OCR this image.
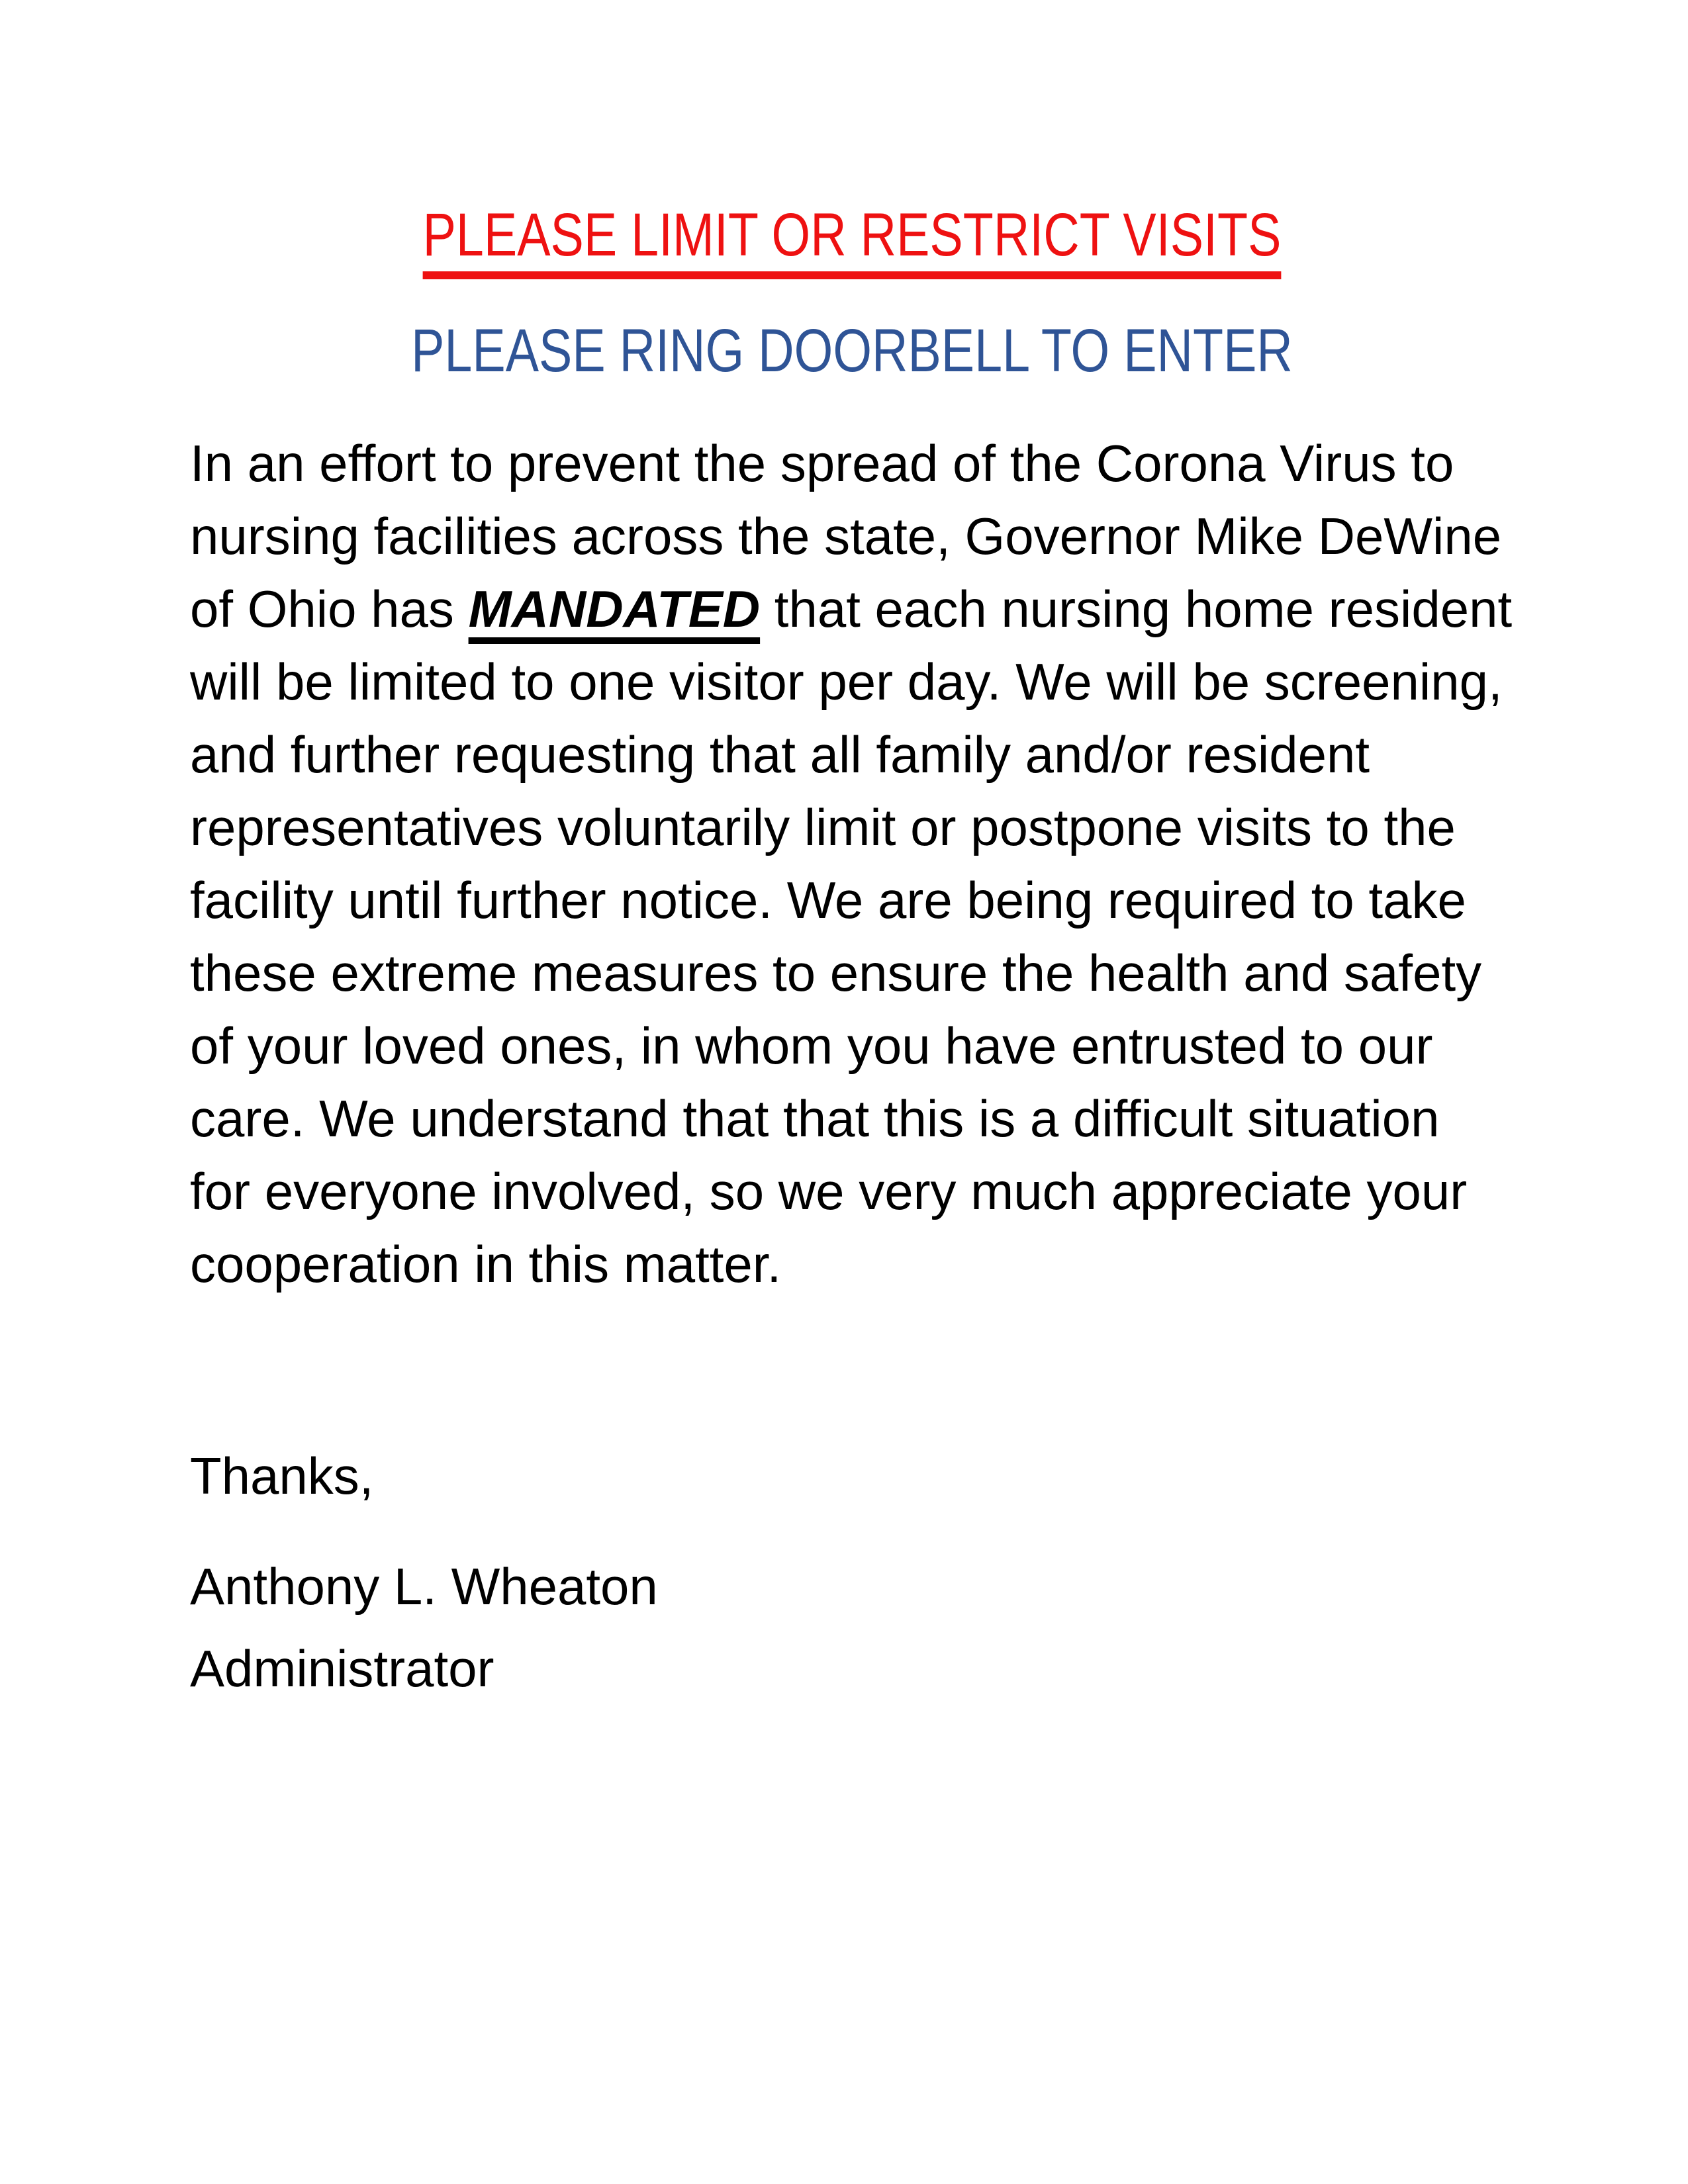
PLEASE LIMIT OR RESTRICT VISITS
PLEASE RING DOORBELL TO ENTER

In an effort to prevent the spread of the Corona Virus to nursing facilities across the state, Governor Mike DeWine of Ohio has MANDATED that each nursing home resident will be limited to one visitor per day. We will be screening, and further requesting that all family and/or resident representatives voluntarily limit or postpone visits to the facility until further notice. We are being required to take these extreme measures to ensure the health and safety of your loved ones, in whom you have entrusted to our care. We understand that that this is a difficult situation for everyone involved, so we very much appreciate your cooperation in this matter.

Thanks,

Anthony L. Wheaton
Administrator
